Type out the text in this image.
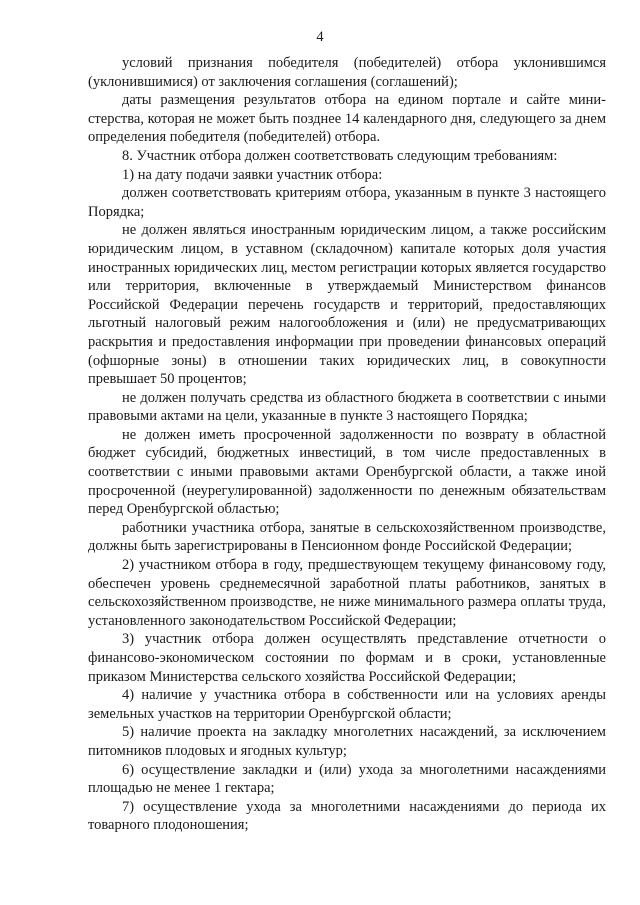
4

условий признания победителя (победителей) отбора уклонившимся (уклонившимися) от заключения соглашения (соглашений);

даты размещения результатов отбора на едином портале и сайте министерства, которая не может быть позднее 14 календарного дня, следующего за днем определения победителя (победителей) отбора.

8. Участник отбора должен соответствовать следующим требованиям:

1) на дату подачи заявки участник отбора:

должен соответствовать критериям отбора, указанным в пункте 3 настоящего Порядка;

не должен являться иностранным юридическим лицом, а также российским юридическим лицом, в уставном (складочном) капитале которых доля участия иностранных юридических лиц, местом регистрации которых является государство или территория, включенные в утверждаемый Министерством финансов Российской Федерации перечень государств и территорий, предоставляющих льготный налоговый режим налогообложения и (или) не предусматривающих раскрытия и предоставления информации при проведении финансовых операций (офшорные зоны) в отношении таких юридических лиц, в совокупности превышает 50 процентов;

не должен получать средства из областного бюджета в соответствии с иными правовыми актами на цели, указанные в пункте 3 настоящего Порядка;

не должен иметь просроченной задолженности по возврату в областной бюджет субсидий, бюджетных инвестиций, в том числе предоставленных в соответствии с иными правовыми актами Оренбургской области, а также иной просроченной (неурегулированной) задолженности по денежным обязательствам перед Оренбургской областью;

работники участника отбора, занятые в сельскохозяйственном производстве, должны быть зарегистрированы в Пенсионном фонде Российской Федерации;

2) участником отбора в году, предшествующем текущему финансовому году, обеспечен уровень среднемесячной заработной платы работников, занятых в сельскохозяйственном производстве, не ниже минимального размера оплаты труда, установленного законодательством Российской Федерации;

3) участник отбора должен осуществлять представление отчетности о финансово-экономическом состоянии по формам и в сроки, установленные приказом Министерства сельского хозяйства Российской Федерации;

4) наличие у участника отбора в собственности или на условиях аренды земельных участков на территории Оренбургской области;

5) наличие проекта на закладку многолетних насаждений, за исключением питомников плодовых и ягодных культур;

6) осуществление закладки и (или) ухода за многолетними насаждениями площадью не менее 1 гектара;

7) осуществление ухода за многолетними насаждениями до периода их товарного плодоношения;
